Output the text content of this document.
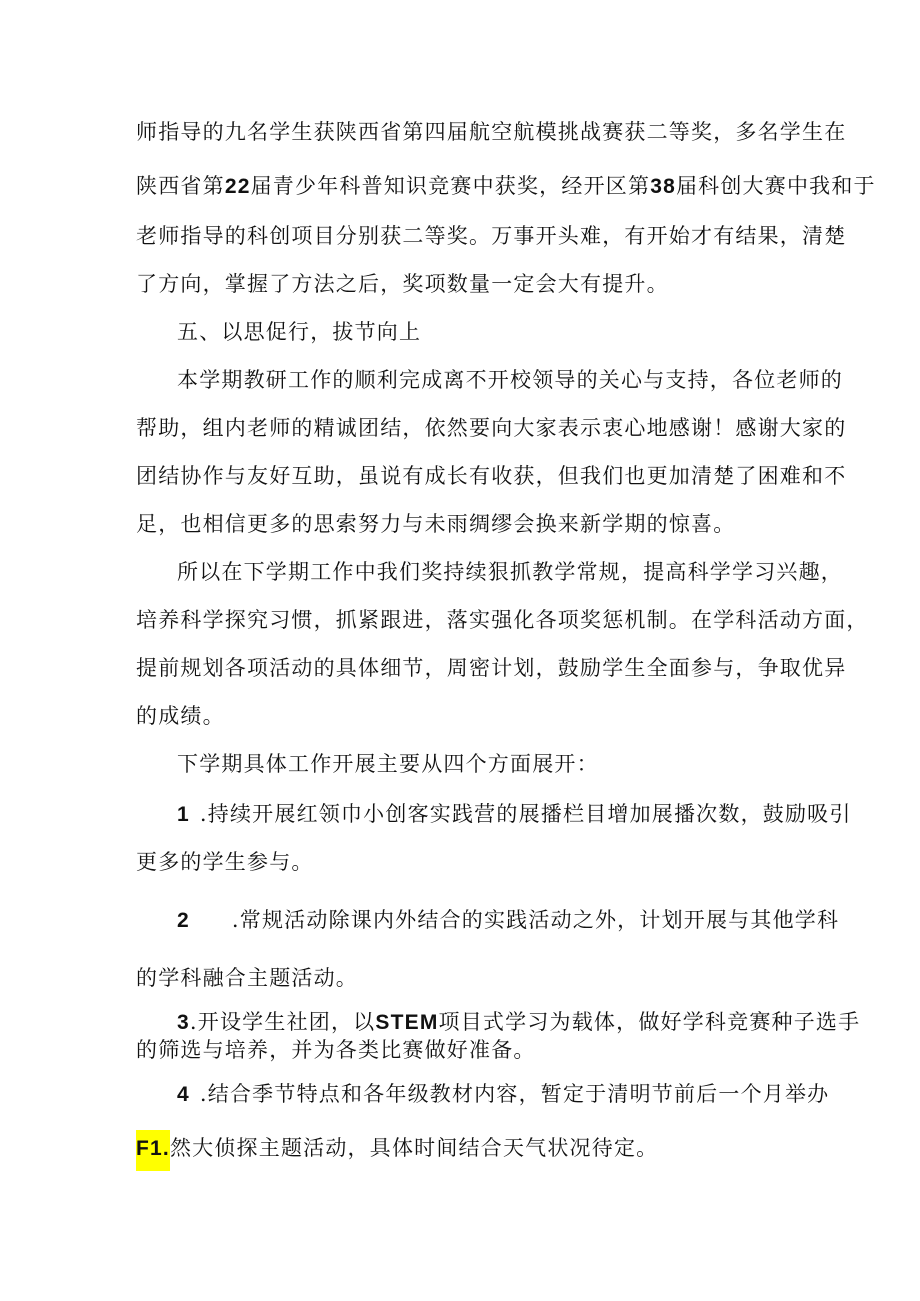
师指导的九名学生获陕西省第四届航空航模挑战赛获二等奖，多名学生在
陕西省第22届青少年科普知识竞赛中获奖，经开区第38届科创大赛中我和于
老师指导的科创项目分别获二等奖。万事开头难，有开始才有结果，清楚
了方向，掌握了方法之后，奖项数量一定会大有提升。
五、以思促行，拔节向上
本学期教研工作的顺利完成离不开校领导的关心与支持，各位老师的
帮助，组内老师的精诚团结，依然要向大家表示衷心地感谢！感谢大家的
团结协作与友好互助，虽说有成长有收获，但我们也更加清楚了困难和不
足，也相信更多的思索努力与未雨绸缪会换来新学期的惊喜。
所以在下学期工作中我们奖持续狠抓教学常规，提高科学学习兴趣，
培养科学探究习惯，抓紧跟进，落实强化各项奖惩机制。在学科活动方面，
提前规划各项活动的具体细节，周密计划，鼓励学生全面参与，争取优异
的成绩。
下学期具体工作开展主要从四个方面展开：
1 .持续开展红领巾小创客实践营的展播栏目增加展播次数，鼓励吸引
更多的学生参与。
2 .常规活动除课内外结合的实践活动之外，计划开展与其他学科
的学科融合主题活动。
3.开设学生社团，以STEM项目式学习为载体，做好学科竞赛种子选手
的筛选与培养，并为各类比赛做好准备。
4 .结合季节特点和各年级教材内容，暂定于清明节前后一个月举办
F1.然大侦探主题活动，具体时间结合天气状况待定。
